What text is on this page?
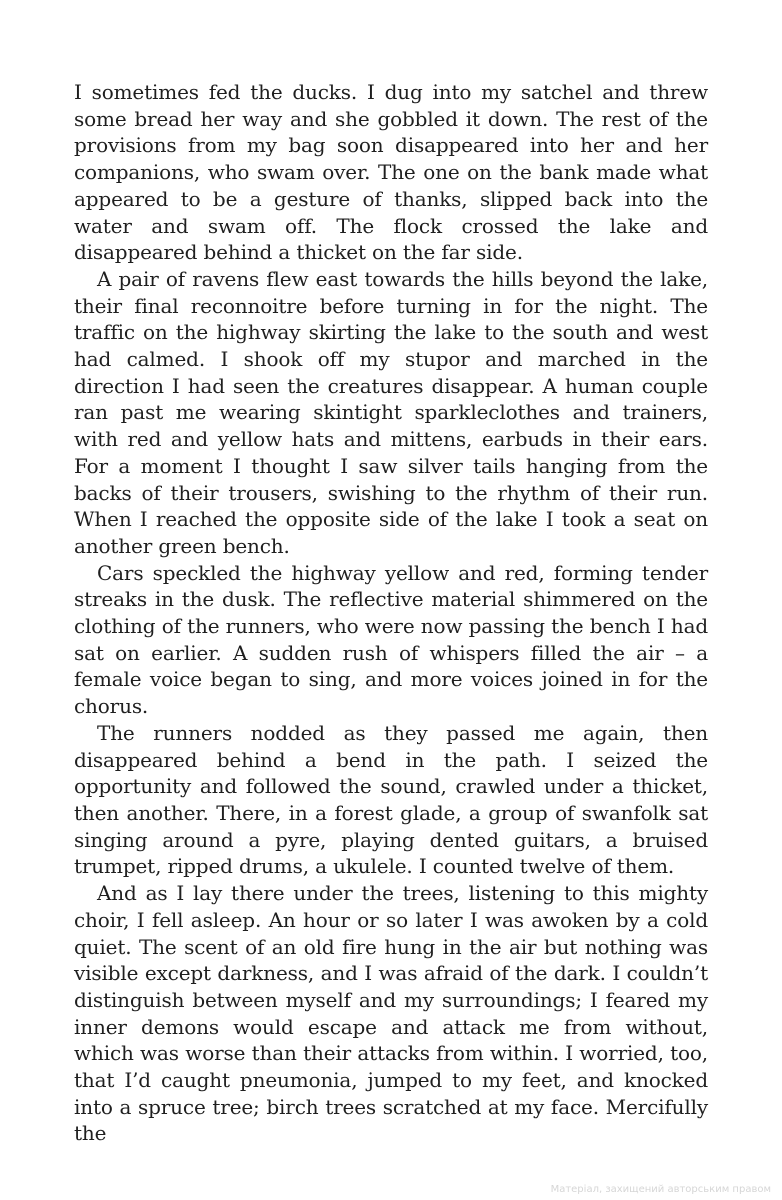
I sometimes fed the ducks. I dug into my satchel and threw some bread her way and she gobbled it down. The rest of the provisions from my bag soon disappeared into her and her companions, who swam over. The one on the bank made what appeared to be a gesture of thanks, slipped back into the water and swam off. The flock crossed the lake and disappeared behind a thicket on the far side.

A pair of ravens flew east towards the hills beyond the lake, their final reconnoitre before turning in for the night. The traffic on the highway skirting the lake to the south and west had calmed. I shook off my stupor and marched in the direction I had seen the creatures disappear. A human couple ran past me wearing skintight sparkleclothes and trainers, with red and yellow hats and mittens, earbuds in their ears. For a moment I thought I saw silver tails hanging from the backs of their trousers, swishing to the rhythm of their run. When I reached the opposite side of the lake I took a seat on another green bench.

Cars speckled the highway yellow and red, forming tender streaks in the dusk. The reflective material shimmered on the clothing of the runners, who were now passing the bench I had sat on earlier. A sudden rush of whispers filled the air – a female voice began to sing, and more voices joined in for the chorus.

The runners nodded as they passed me again, then disappeared behind a bend in the path. I seized the opportunity and followed the sound, crawled under a thicket, then another. There, in a forest glade, a group of swanfolk sat singing around a pyre, playing dented guitars, a bruised trumpet, ripped drums, a ukulele. I counted twelve of them.

And as I lay there under the trees, listening to this mighty choir, I fell asleep. An hour or so later I was awoken by a cold quiet. The scent of an old fire hung in the air but nothing was visible except darkness, and I was afraid of the dark. I couldn’t distinguish between myself and my surroundings; I feared my inner demons would escape and attack me from without, which was worse than their attacks from within. I worried, too, that I’d caught pneumonia, jumped to my feet, and knocked into a spruce tree; birch trees scratched at my face. Mercifully the

Матеріал, захищений авторським правом
